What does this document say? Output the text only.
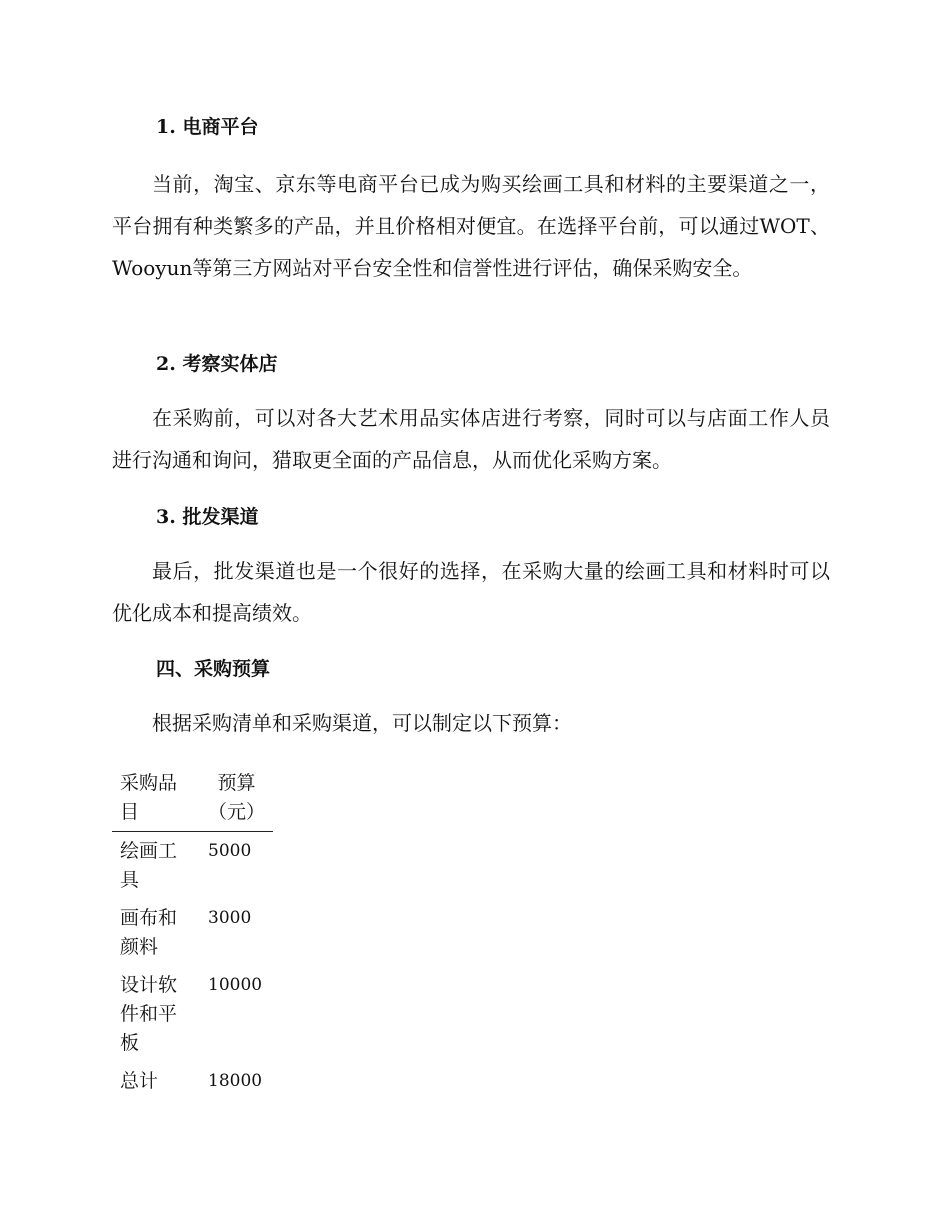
1. 电商平台

当前，淘宝、京东等电商平台已成为购买绘画工具和材料的主要渠道之一，平台拥有种类繁多的产品，并且价格相对便宜。在选择平台前，可以通过WOT、Wooyun等第三方网站对平台安全性和信誉性进行评估，确保采购安全。

2. 考察实体店

在采购前，可以对各大艺术用品实体店进行考察，同时可以与店面工作人员进行沟通和询问，猎取更全面的产品信息，从而优化采购方案。

3. 批发渠道

最后，批发渠道也是一个很好的选择，在采购大量的绘画工具和材料时可以优化成本和提高绩效。

四、采购预算

根据采购清单和采购渠道，可以制定以下预算：

采购品目	预算（元）
绘画工具	5000
画布和颜料	3000
设计软件和平板	10000
总计	18000
